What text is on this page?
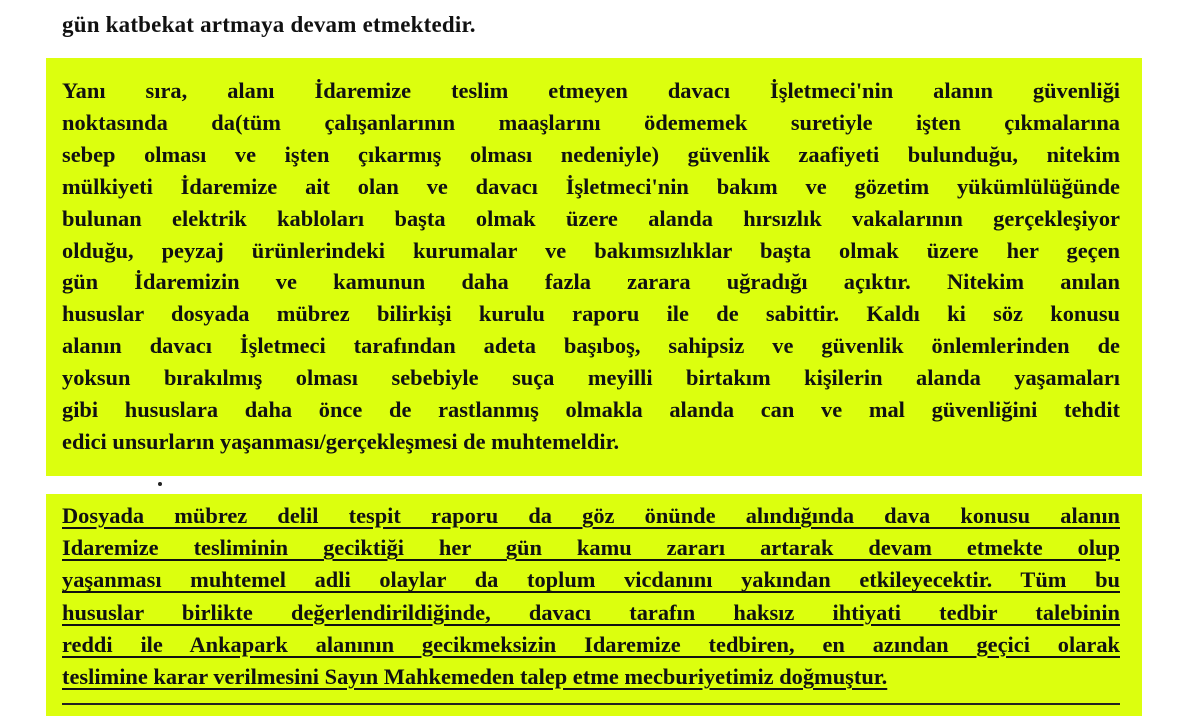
gün katbekat artmaya devam etmektedir.
Yanı sıra, alanı İdaremize teslim etmeyen davacı İşletmeci'nin alanın güvenliği
noktasında da(tüm çalışanlarının maaşlarını ödememek suretiyle işten çıkmalarına
sebep olması ve işten çıkarmış olması nedeniyle) güvenlik zaafiyeti bulunduğu, nitekim
mülkiyeti İdaremize ait olan ve davacı İşletmeci'nin bakım ve gözetim yükümlülüğünde
bulunan elektrik kabloları başta olmak üzere alanda hırsızlık vakalarının gerçekleşiyor
olduğu, peyzaj ürünlerindeki kurumalar ve bakımsızlıklar başta olmak üzere her geçen
gün İdaremizin ve kamunun daha fazla zarara uğradığı açıktır. Nitekim anılan
hususlar dosyada mübrez bilirkişi kurulu raporu ile de sabittir. Kaldı ki söz konusu
alanın davacı İşletmeci tarafından adeta başıboş, sahipsiz ve güvenlik önlemlerinden de
yoksun bırakılmış olması sebebiyle suça meyilli birtakım kişilerin alanda yaşamaları
gibi hususlara daha önce de rastlanmış olmakla alanda can ve mal güvenliğini tehdit
edici unsurların yaşanması/gerçekleşmesi de muhtemeldir.
Dosyada mübrez delil tespit raporu da göz önünde alındığında dava konusu alanın
Idaremize tesliminin geciktiği her gün kamu zararı artarak devam etmekte olup
yaşanması muhtemel adli olaylar da toplum vicdanını yakından etkileyecektir. Tüm bu
hususlar birlikte değerlendirildiğinde, davacı tarafın haksız ihtiyati tedbir talebinin
reddi ile Ankapark alanının gecikmeksizin Idaremize tedbiren, en azından geçici olarak
teslimine karar verilmesini Sayın Mahkemeden talep etme mecburiyetimiz doğmuştur.
